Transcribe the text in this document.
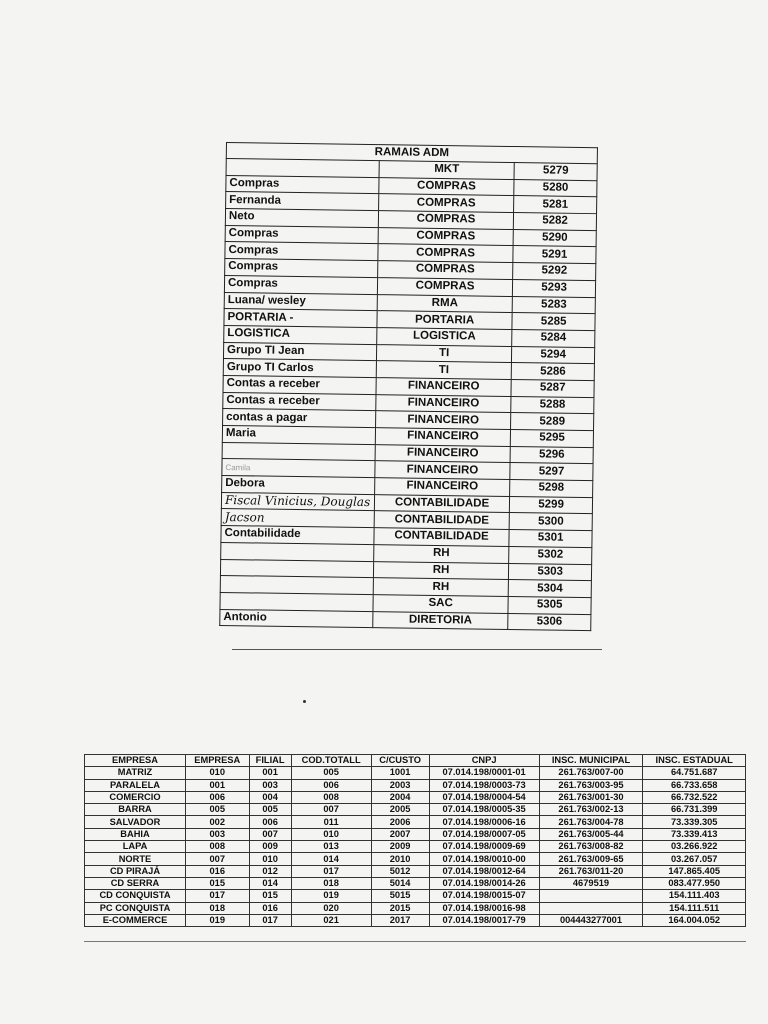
RAMAIS ADM		
	MKT	5279
Compras	COMPRAS	5280
Fernanda	COMPRAS	5281
Neto	COMPRAS	5282
Compras	COMPRAS	5290
Compras	COMPRAS	5291
Compras	COMPRAS	5292
Compras	COMPRAS	5293
Luana/ wesley	RMA	5283
PORTARIA -	PORTARIA	5285
LOGISTICA	LOGISTICA	5284
Grupo TI Jean	TI	5294
Grupo TI Carlos	TI	5286
Contas a receber	FINANCEIRO	5287
Contas a receber	FINANCEIRO	5288
contas a pagar	FINANCEIRO	5289
Maria	FINANCEIRO	5295
	FINANCEIRO	5296
Camila	FINANCEIRO	5297
Debora	FINANCEIRO	5298
Fiscal Vinicius, Douglas	CONTABILIDADE	5299
Jacson	CONTABILIDADE	5300
Contabilidade	CONTABILIDADE	5301
	RH	5302
	RH	5303
	RH	5304
	SAC	5305
Antonio	DIRETORIA	5306
EMPRESA	EMPRESA	FILIAL	COD.TOTALL	C/CUSTO	CNPJ	INSC. MUNICIPAL	INSC. ESTADUAL
MATRIZ	010	001	005	1001	07.014.198/0001-01	261.763/007-00	64.751.687
PARALELA	001	003	006	2003	07.014.198/0003-73	261.763/003-95	66.733.658
COMERCIO	006	004	008	2004	07.014.198/0004-54	261.763/001-30	66.732.522
BARRA	005	005	007	2005	07.014.198/0005-35	261.763/002-13	66.731.399
SALVADOR	002	006	011	2006	07.014.198/0006-16	261.763/004-78	73.339.305
BAHIA	003	007	010	2007	07.014.198/0007-05	261.763/005-44	73.339.413
LAPA	008	009	013	2009	07.014.198/0009-69	261.763/008-82	03.266.922
NORTE	007	010	014	2010	07.014.198/0010-00	261.763/009-65	03.267.057
CD PIRAJÁ	016	012	017	5012	07.014.198/0012-64	261.763/011-20	147.865.405
CD SERRA	015	014	018	5014	07.014.198/0014-26	4679519	083.477.950
CD CONQUISTA	017	015	019	5015	07.014.198/0015-07		154.111.403
PC CONQUISTA	018	016	020	2015	07.014.198/0016-98		154.111.511
E-COMMERCE	019	017	021	2017	07.014.198/0017-79	004443277001	164.004.052
